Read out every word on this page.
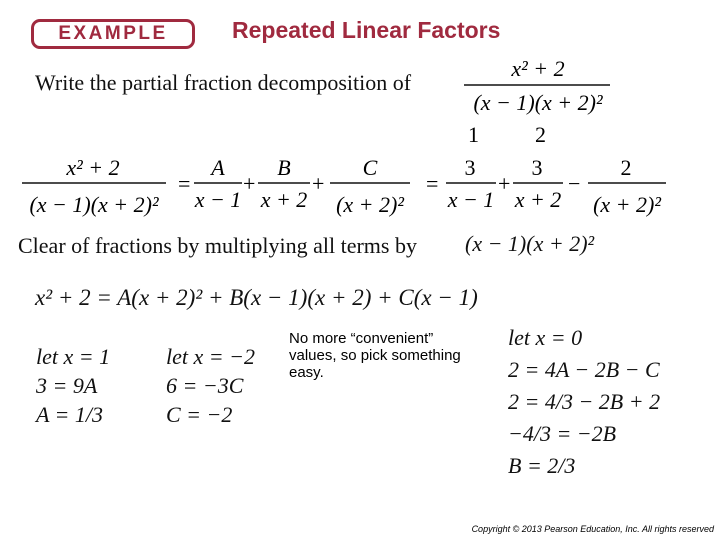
EXAMPLE	Repeated Linear Factors
Write the partial fraction decomposition of
x² + 2
(x − 1)(x + 2)²
1	2
x² + 2
(x − 1)(x + 2)²
=
A
x − 1
+
B
x + 2
+
C
(x + 2)²
=
3
x − 1
+
3
x + 2
−
2
(x + 2)²
Clear of fractions by multiplying all terms by (x − 1)(x + 2)²
x² + 2 = A(x + 2)² + B(x − 1)(x + 2) + C(x − 1)
let x = 1
3 = 9A
A = 1/3
let x = −2
6 = −3C
C = −2
No more “convenient” values, so pick something easy.
let x = 0
2 = 4A − 2B − C
2 = 4/3 − 2B + 2
−4/3 = −2B
B = 2/3
Copyright © 2013 Pearson Education, Inc. All rights reserved
